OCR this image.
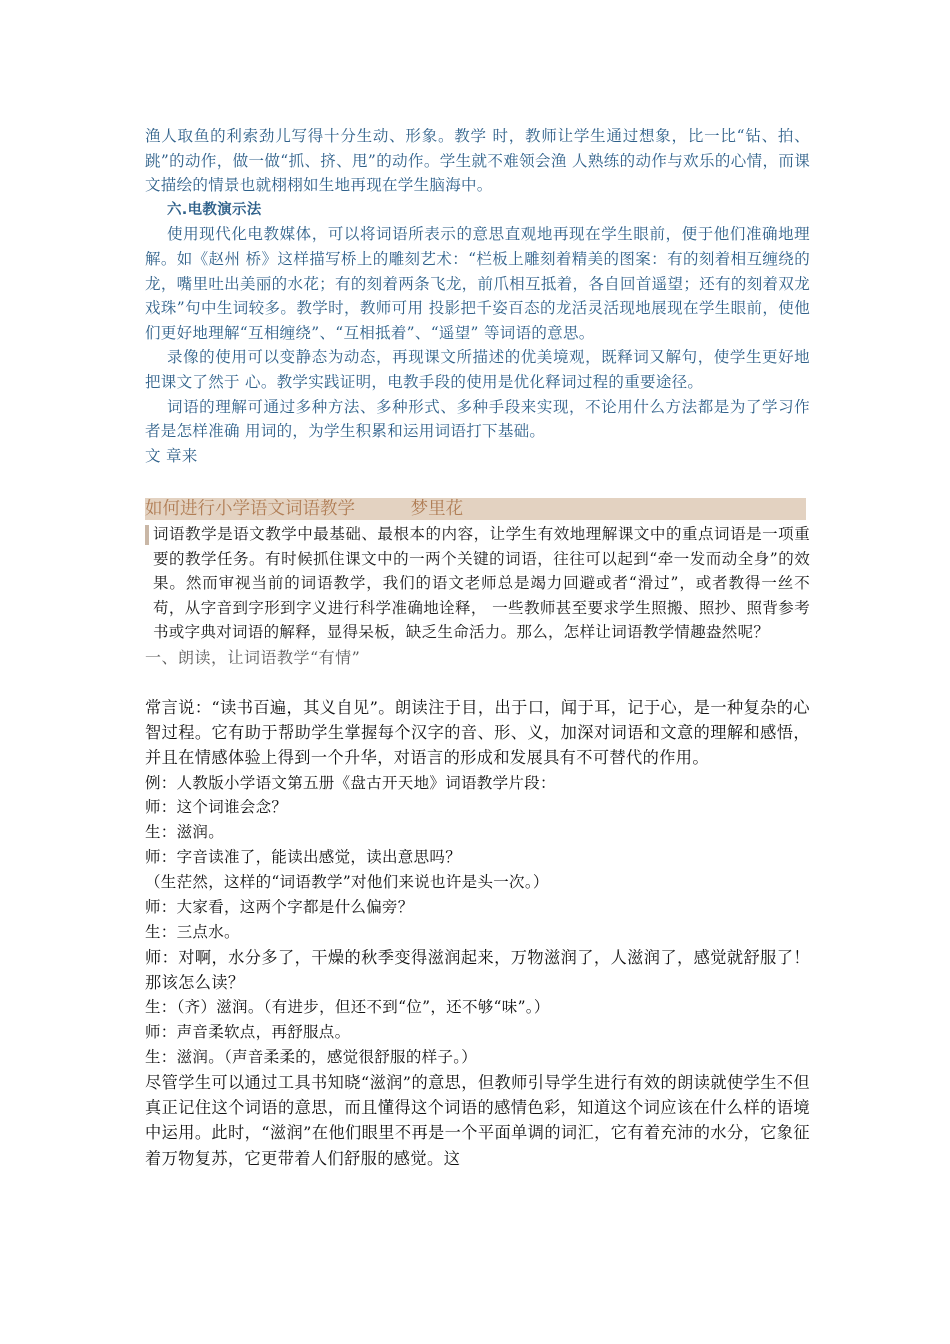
渔人取鱼的利索劲儿写得十分生动、形象。教学 时，教师让学生通过想象，比一比“钻、拍、跳”的动作，做一做“抓、挤、甩”的动作。学生就不难领会渔 人熟练的动作与欢乐的心情，而课文描绘的情景也就栩栩如生地再现在学生脑海中。

六.电教演示法

使用现代化电教媒体，可以将词语所表示的意思直观地再现在学生眼前，便于他们准确地理解。如《赵州 桥》这样描写桥上的雕刻艺术：“栏板上雕刻着精美的图案：有的刻着相互缠绕的龙，嘴里吐出美丽的水花；有的刻着两条飞龙，前爪相互抵着，各自回首遥望；还有的刻着双龙戏珠”句中生词较多。教学时，教师可用 投影把千姿百态的龙活灵活现地展现在学生眼前，使他们更好地理解“互相缠绕”、“互相抵着”、“遥望” 等词语的意思。

录像的使用可以变静态为动态，再现课文所描述的优美境观，既释词又解句，使学生更好地把课文了然于 心。教学实践证明，电教手段的使用是优化释词过程的重要途径。

词语的理解可通过多种方法、多种形式、多种手段来实现，不论用什么方法都是为了学习作者是怎样准确 用词的，为学生积累和运用词语打下基础。

文 章来

如何进行小学语文词语教学          梦里花

词语教学是语文教学中最基础、最根本的内容，让学生有效地理解课文中的重点词语是一项重要的教学任务。有时候抓住课文中的一两个关键的词语，往往可以起到“牵一发而动全身”的效果。然而审视当前的词语教学，我们的语文老师总是竭力回避或者“滑过”，或者教得一丝不苟，从字音到字形到字义进行科学准确地诠释， 一些教师甚至要求学生照搬、照抄、照背参考书或字典对词语的解释，显得呆板，缺乏生命活力。那么，怎样让词语教学情趣盎然呢？

一、朗读，让词语教学“有情”

常言说：“读书百遍，其义自见”。朗读注于目，出于口，闻于耳，记于心，是一种复杂的心智过程。它有助于帮助学生掌握每个汉字的音、形、义，加深对词语和文意的理解和感悟，并且在情感体验上得到一个升华，对语言的形成和发展具有不可替代的作用。

例：人教版小学语文第五册《盘古开天地》词语教学片段：

师：这个词谁会念？

生：滋润。

师：字音读准了，能读出感觉，读出意思吗？

（生茫然，这样的“词语教学”对他们来说也许是头一次。）

师：大家看，这两个字都是什么偏旁？

生：三点水。

师：对啊，水分多了，干燥的秋季变得滋润起来，万物滋润了，人滋润了，感觉就舒服了！那该怎么读？

生：（齐）滋润。（有进步，但还不到“位”，还不够“味”。）

师：声音柔软点，再舒服点。

生：滋润。（声音柔柔的，感觉很舒服的样子。）

尽管学生可以通过工具书知晓“滋润”的意思，但教师引导学生进行有效的朗读就使学生不但真正记住这个词语的意思，而且懂得这个词语的感情色彩，知道这个词应该在什么样的语境中运用。此时，“滋润”在他们眼里不再是一个平面单调的词汇，它有着充沛的水分，它象征着万物复苏，它更带着人们舒服的感觉。这
